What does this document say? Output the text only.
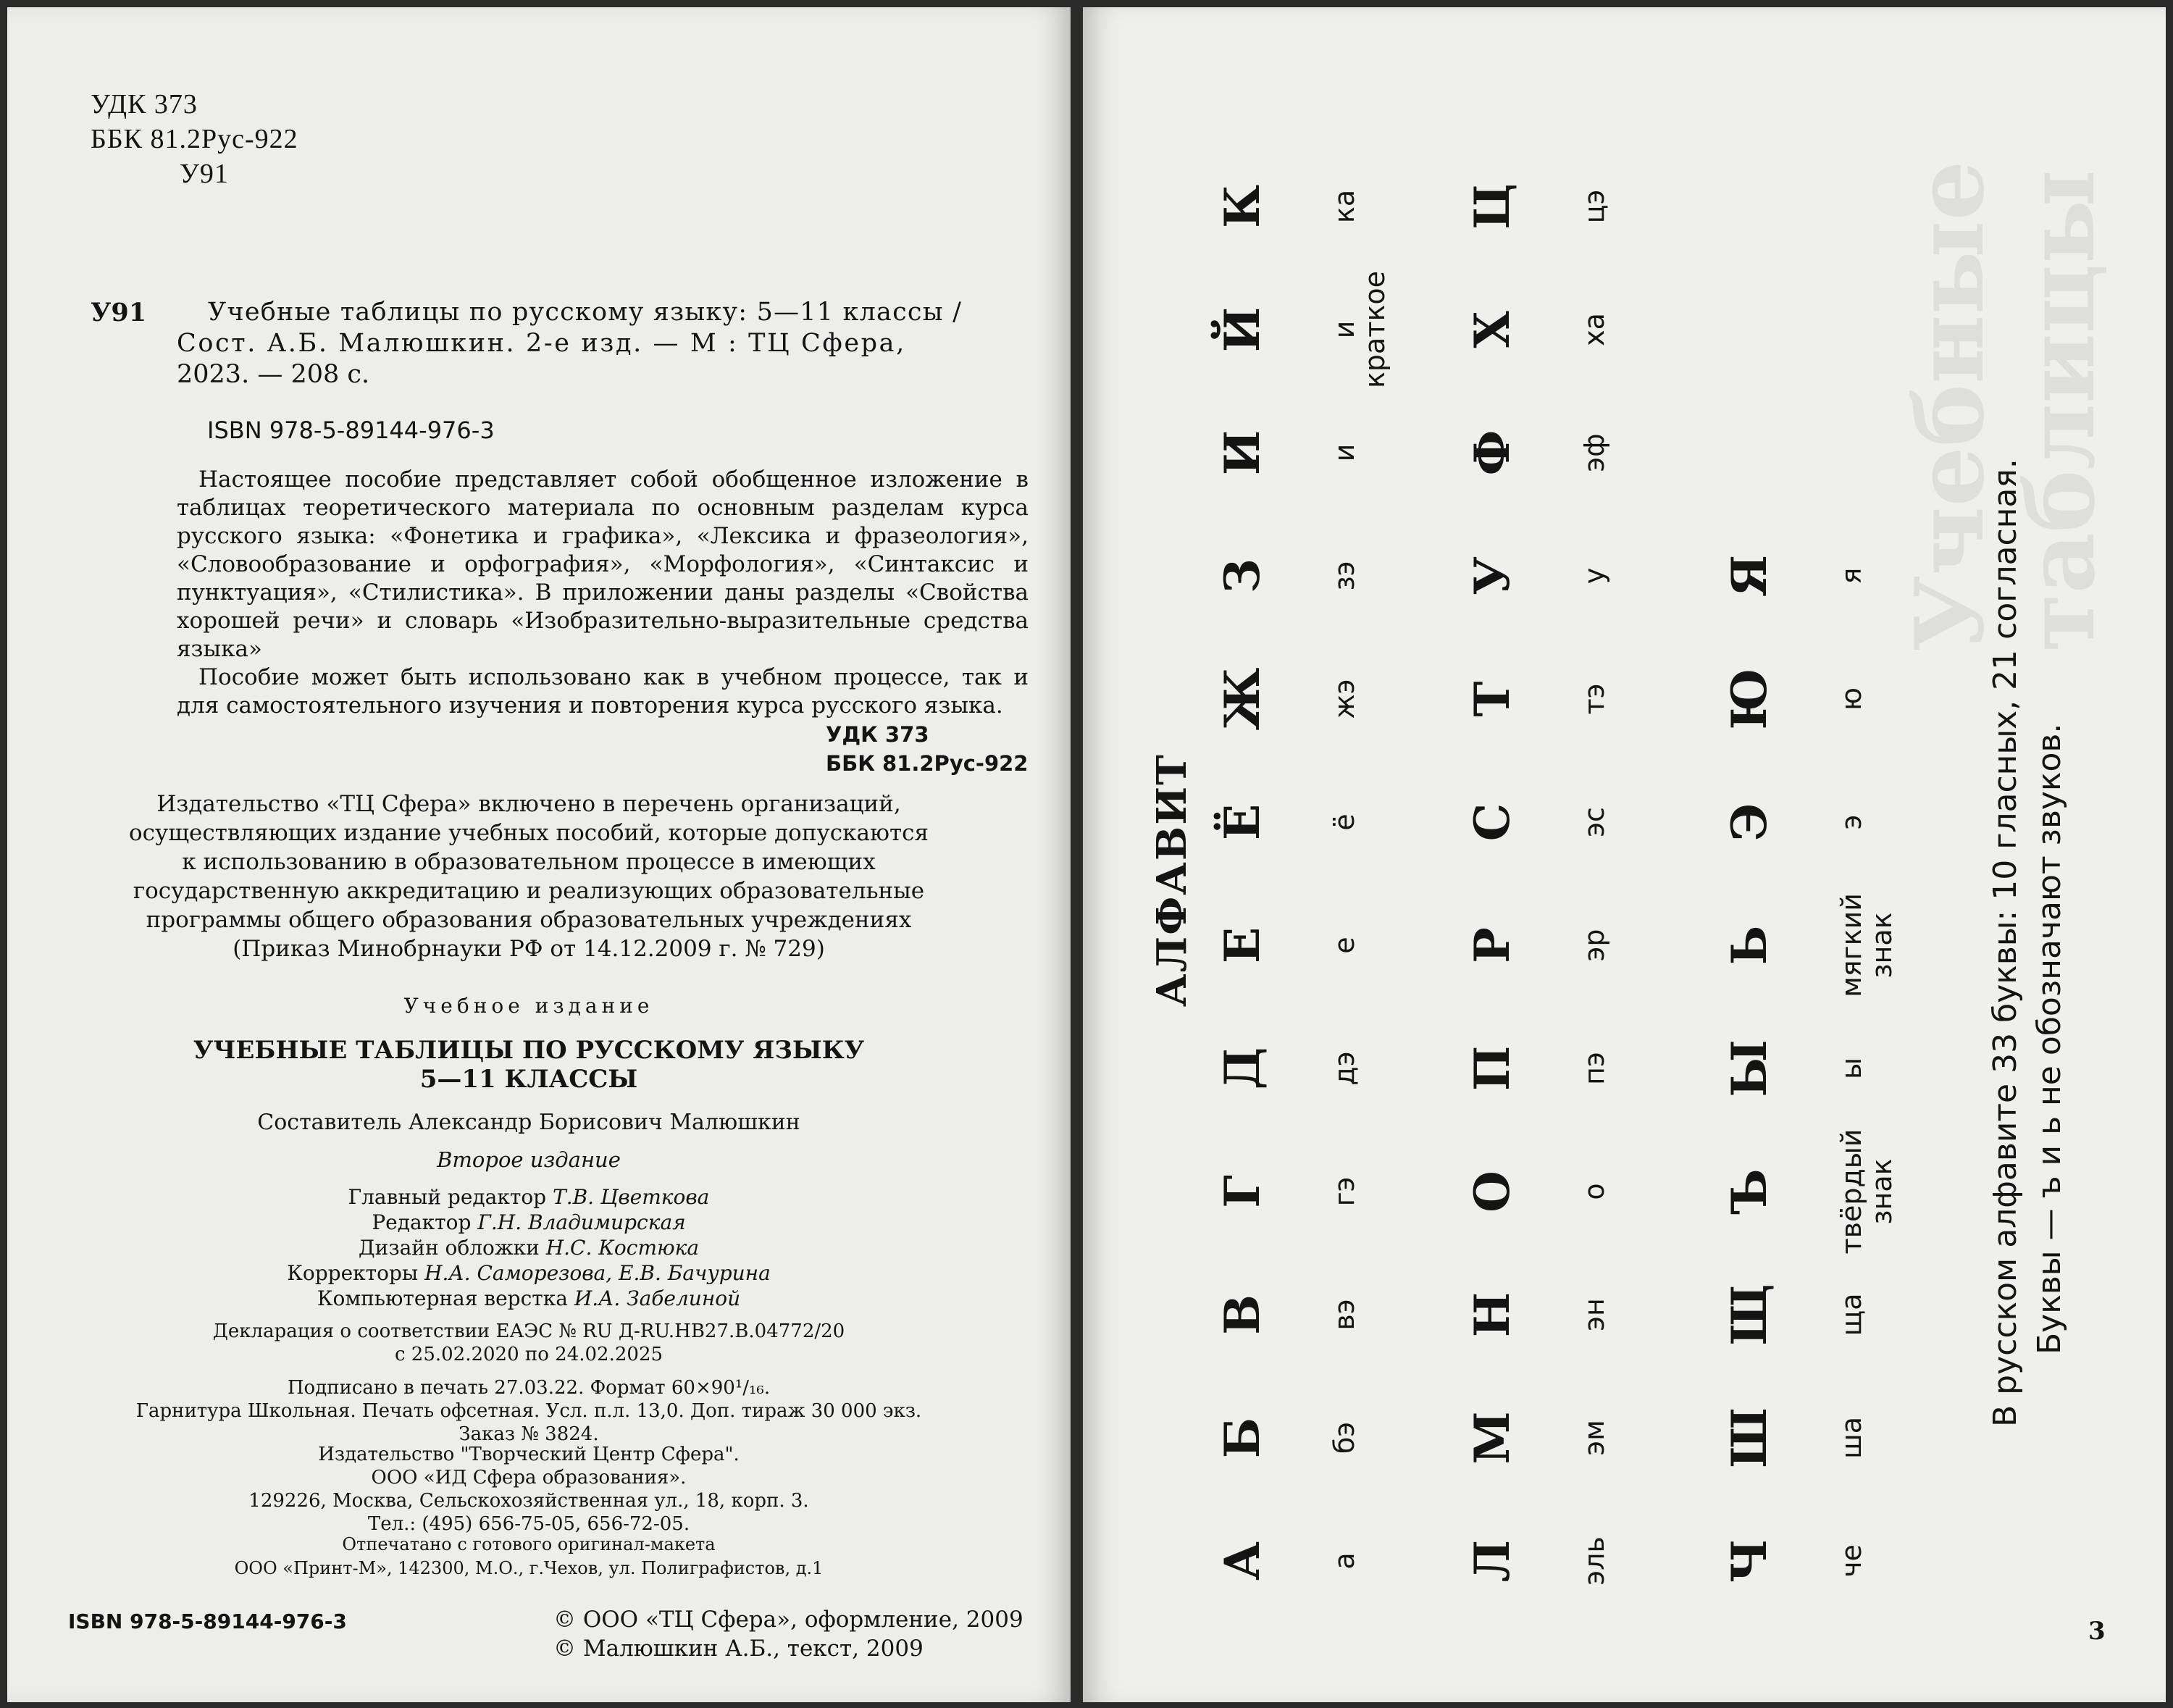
УДК 373
ББК 81.2Рус-922
У91
У91 Учебные таблицы по русскому языку: 5—11 классы /
Сост. А.Б. Малюшкин. 2-е изд. — М : ТЦ Сфера,
2023. — 208 с.
ISBN 978-5-89144-976-3

Настоящее пособие представляет собой обобщенное изложение в таблицах теоретического материала по основным разделам курса русского языка: «Фонетика и графика», «Лексика и фразеология», «Словообразование и орфография», «Морфология», «Синтаксис и пунктуация», «Стилистика». В приложении даны разделы «Свойства хорошей речи» и словарь «Изобразительно-выразительные средства языка»

Пособие может быть использовано как в учебном процессе, так и для самостоятельного изучения и повторения курса русского языка.

УДК 373
ББК 81.2Рус-922
Издательство «ТЦ Сфера» включено в перечень организаций,
осуществляющих издание учебных пособий, которые допускаются
к использованию в образовательном процессе в имеющих
государственную аккредитацию и реализующих образовательные
программы общего образования образовательных учреждениях
(Приказ Минобрнауки РФ от 14.12.2009 г. № 729)
Учебное издание
УЧЕБНЫЕ ТАБЛИЦЫ ПО РУССКОМУ ЯЗЫКУ
5—11 КЛАССЫ
Составитель Александр Борисович Малюшкин
Второе издание
Главный редактор Т.В. Цветкова
Редактор Г.Н. Владимирская
Дизайн обложки Н.С. Костюка
Корректоры Н.А. Саморезова, Е.В. Бачурина
Компьютерная верстка И.А. Забелиной
Декларация о соответствии ЕАЭС № RU Д-RU.HB27.B.04772/20
с 25.02.2020 по 24.02.2025
Подписано в печать 27.03.22. Формат 60×90¹/₁₆.
Гарнитура Школьная. Печать офсетная. Усл. п.л. 13,0. Доп. тираж 30 000 экз.
Заказ № 3824.
Издательство "Творческий Центр Сфера".
ООО «ИД Сфера образования».
129226, Москва, Сельскохозяйственная ул., 18, корп. 3.
Тел.: (495) 656-75-05, 656-72-05.
Отпечатано с готового оригинал-макета
ООО «Принт-М», 142300, М.О., г.Чехов, ул. Полиграфистов, д.1
ISBN 978-5-89144-976-3	© ООО «ТЦ Сфера», оформление, 2009
© Малюшкин А.Б., текст, 2009
Учебные таблицы
АЛФАВИТ
А а
Б бэ
В вэ
Г гэ
Д дэ
Е е
Ё ё
Ж жэ
З зэ
И и
Й и краткое
К ка
Л эль
М эм
Н эн
О о
П пэ
Р эр
С эс
Т тэ
У у
Ф эф
Х ха
Ц цэ
Ч че
Ш ша
Щ ща
Ъ твёрдый знак
Ы ы
Ь мягкий знак
Э э
Ю ю
Я я	В русском алфавите 33 буквы: 10 гласных, 21 согласная. Буквы — ъ и ь не обозначают звуков.
3
